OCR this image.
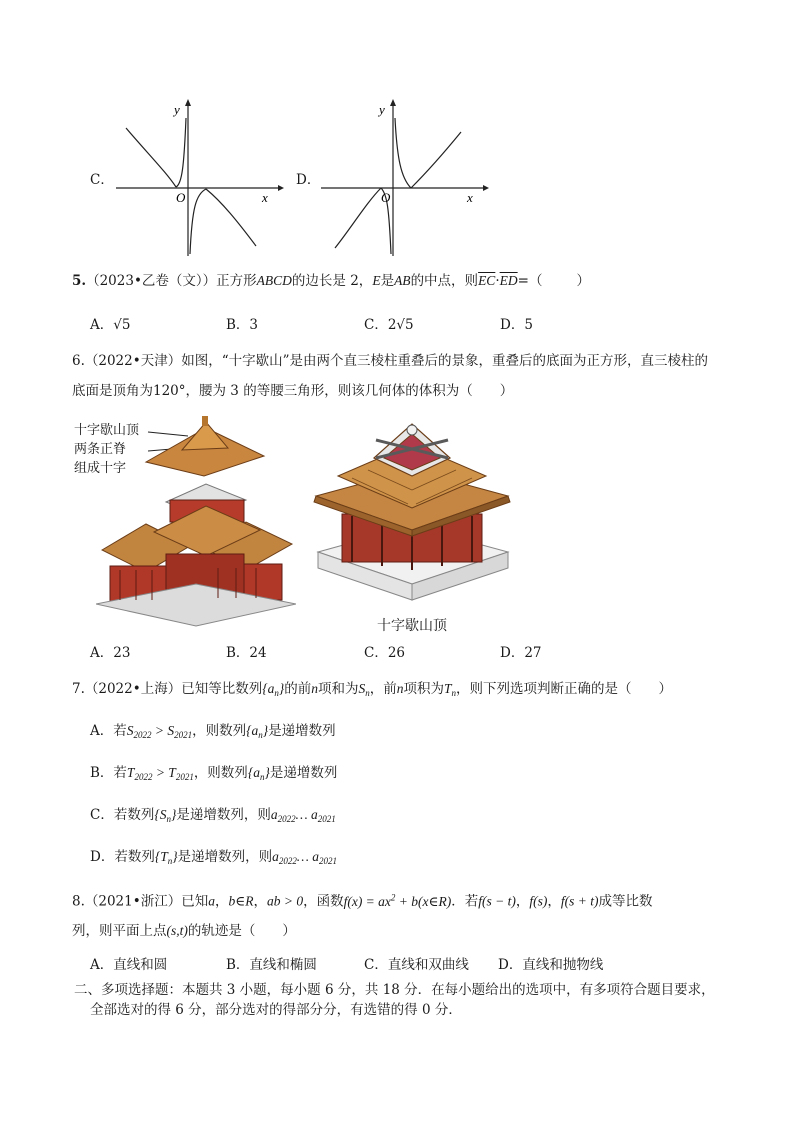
C．
y
x
O
D．
y
x
O
5.（2023•乙卷（文））正方形ABCD的边长是 2，E是AB的中点，则$\overline{EC}\cdot\overline{ED}=$（	）
A．√5	B．3	C．2√5	D．5
6.（2022•天津）如图，“十字歇山”是由两个直三棱柱重叠后的景象，重叠后的底面为正方形，直三棱柱的
底面是顶角为120°，腰为 3 的等腰三角形，则该几何体的体积为（　　）
十字歇山顶
两条正脊
组成十字
十字歇山顶
A．23	B．24	C．26	D．27
7.（2022•上海）已知等比数列$\{a_n\}$的前n项和为$S_n$，前n项积为$T_n$，则下列选项判断正确的是（　　）
A．若$S_{2022} > S_{2021}$，则数列$\{a_n\}$是递增数列
B．若$T_{2022} > T_{2021}$，则数列$\{a_n\}$是递增数列
C．若数列$\{S_n\}$是递增数列，则$a_{2022}\dots$ $a_{2021}$
D．若数列$\{T_n\}$是递增数列，则$a_{2022}\dots$ $a_{2021}$
8.（2021•浙江）已知a，b∈R，ab > 0，函数$f(x) = ax^2$ + b(x∈R)．若f(s − t)，f(s)，f(s + t)成等比数
列，则平面上点(s,t)的轨迹是（　　）
A．直线和圆	B．直线和椭圆	C．直线和双曲线 D．直线和抛物线
二、多项选择题：本题共 3 小题，每小题 6 分，共 18 分．在每小题给出的选项中，有多项符合题目要求，
全部选对的得 6 分，部分选对的得部分分，有选错的得 0 分．
